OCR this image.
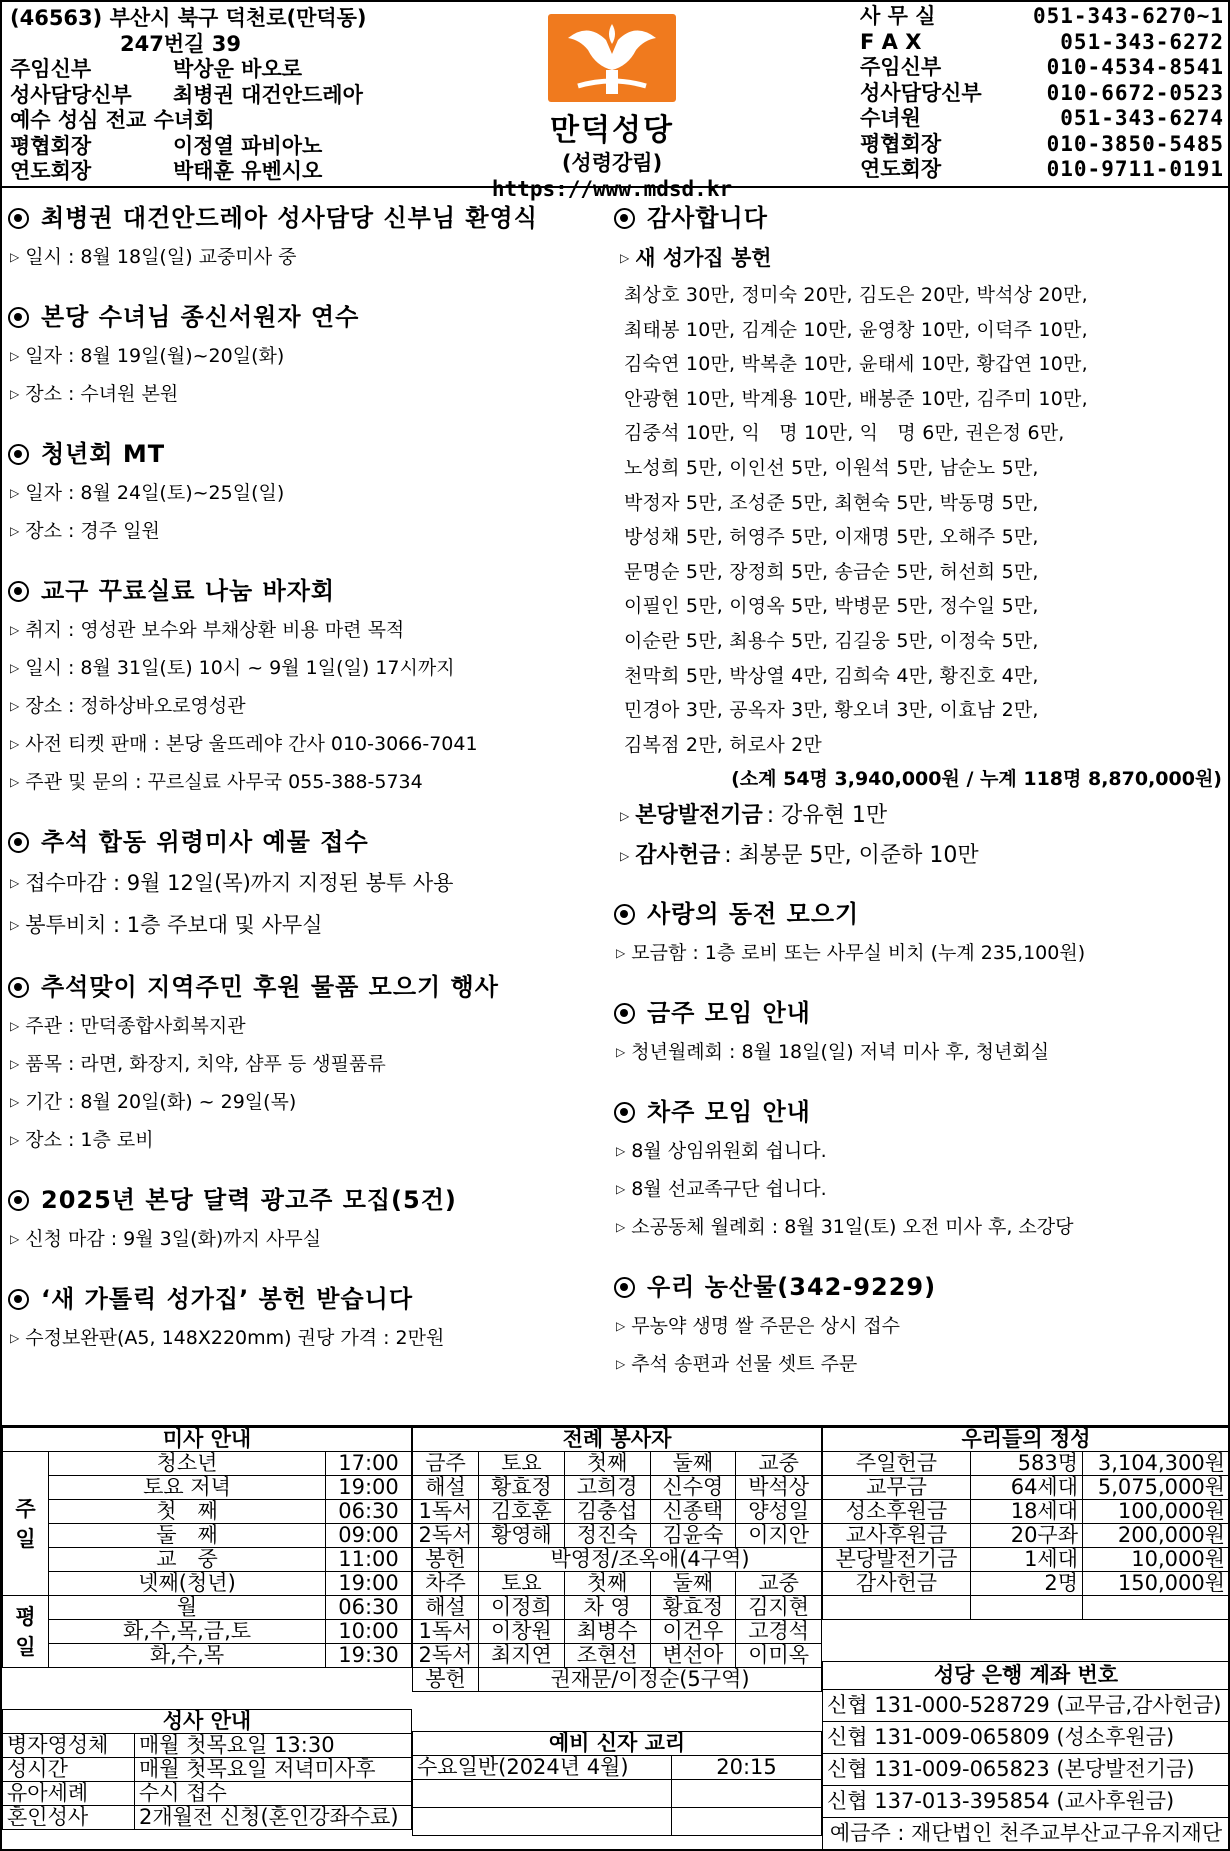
(46563) 부산시 북구 덕천로(만덕동)
247번길 39
주임신부	박상운 바오로
성사담당신부	최병권 대건안드레아
예수 성심 전교 수녀회
평협회장	이정열 파비아노
연도회장	박태훈 유벤시오
만덕성당
(성령강림)
https://www.mdsd.kr
사 무 실	051-343-6270~1
F A X	051-343-6272
주임신부	010-4534-8541
성사담당신부	010-6672-0523
수녀원	051-343-6274
평협회장	010-3850-5485
연도회장	010-9711-0191
최병권 대건안드레아 성사담당 신부님 환영식
▷ 일시 : 8월 18일(일) 교중미사 중
본당 수녀님 종신서원자 연수
▷ 일자 : 8월 19일(월)~20일(화)
▷ 장소 : 수녀원 본원
청년회 MT
▷ 일자 : 8월 24일(토)~25일(일)
▷ 장소 : 경주 일원
교구 꾸료실료 나눔 바자회
▷ 취지 : 영성관 보수와 부채상환 비용 마련 목적
▷ 일시 : 8월 31일(토) 10시 ~ 9월 1일(일) 17시까지
▷ 장소 : 정하상바오로영성관
▷ 사전 티켓 판매 : 본당 울뜨레야 간사 010-3066-7041
▷ 주관 및 문의 : 꾸르실료 사무국 055-388-5734
추석 합동 위령미사 예물 접수
▷ 접수마감 : 9월 12일(목)까지 지정된 봉투 사용
▷ 봉투비치 : 1층 주보대 및 사무실
추석맞이 지역주민 후원 물품 모으기 행사
▷ 주관 : 만덕종합사회복지관
▷ 품목 : 라면, 화장지, 치약, 샴푸 등 생필품류
▷ 기간 : 8월 20일(화) ~ 29일(목)
▷ 장소 : 1층 로비
2025년 본당 달력 광고주 모집(5건)
▷ 신청 마감 : 9월 3일(화)까지 사무실
‘새 가톨릭 성가집’ 봉헌 받습니다
▷ 수정보완판(A5, 148X220mm) 권당 가격 : 2만원
감사합니다
▷ 새 성가집 봉헌
최상호 30만, 정미숙 20만, 김도은 20만, 박석상 20만,
최태봉 10만, 김계순 10만, 윤영창 10만, 이덕주 10만,
김숙연 10만, 박복춘 10만, 윤태세 10만, 황갑연 10만,
안광현 10만, 박계용 10만, 배봉준 10만, 김주미 10만,
김중석 10만, 익　명 10만, 익　명 6만, 권은정 6만,
노성희 5만, 이인선 5만, 이원석 5만, 남순노 5만,
박정자 5만, 조성준 5만, 최현숙 5만, 박동명 5만,
방성채 5만, 허영주 5만, 이재명 5만, 오해주 5만,
문명순 5만, 장정희 5만, 송금순 5만, 허선희 5만,
이필인 5만, 이영옥 5만, 박병문 5만, 정수일 5만,
이순란 5만, 최용수 5만, 김길웅 5만, 이정숙 5만,
천막희 5만, 박상열 4만, 김희숙 4만, 황진호 4만,
민경아 3만, 공옥자 3만, 황오녀 3만, 이효남 2만,
김복점 2만, 허로사 2만
(소계 54명 3,940,000원 / 누계 118명 8,870,000원)
▷ 본당발전기금 : 강유현 1만
▷ 감사헌금 : 최봉문 5만, 이준하 10만
사랑의 동전 모으기
▷ 모금함 : 1층 로비 또는 사무실 비치 (누계 235,100원)
금주 모임 안내
▷ 청년월례회 : 8월 18일(일) 저녁 미사 후, 청년회실
차주 모임 안내
▷ 8월 상임위원회 쉽니다.
▷ 8월 선교족구단 쉽니다.
▷ 소공동체 월례회 : 8월 31일(토) 오전 미사 후, 소강당
우리 농산물(342-9229)
▷ 무농약 생명 쌀 주문은 상시 접수
▷ 추석 송편과 선물 셋트 주문
미사 안내		
주일	청소년	17:00
	토요 저녁	19:00
	첫　째	06:30
	둘　째	09:00
	교　중	11:00
	넷째(청년)	19:00
평일	월	06:30
	화,수,목,금,토	10:00
	화,수,목	19:30
성사 안내	
병자영성체	매월 첫목요일 13:30
성시간	매월 첫목요일 저녁미사후
유아세례	수시 접수
혼인성사	2개월전 신청(혼인강좌수료)
전례 봉사자				
금주	토요	첫째	둘째	교중
해설	황효정	고희경	신수영	박석상
1독서	김호훈	김충섭	신종택	양성일
2독서	황영해	정진숙	김윤숙	이지안
봉헌	박영정/조옥애(4구역)			
차주	토요	첫째	둘째	교중
해설	이정희	차 영	황효정	김지현
1독서	이창원	최병수	이건우	고경석
2독서	최지연	조현선	변선아	이미옥
봉헌	권재문/이정순(5구역)			
예비 신자 교리	
수요일반(2024년 4월)	20:15

우리들의 정성		
주일헌금	583명	3,104,300원
교무금	64세대	5,075,000원
성소후원금	18세대	100,000원
교사후원금	20구좌	200,000원
본당발전기금	1세대	10,000원
감사헌금	2명	150,000원

성당 은행 계좌 번호
신협 131-000-528729 (교무금,감사헌금)
신협 131-009-065809 (성소후원금)
신협 131-009-065823 (본당발전기금)
신협 137-013-395854 (교사후원금)
예금주 : 재단법인 천주교부산교구유지재단
